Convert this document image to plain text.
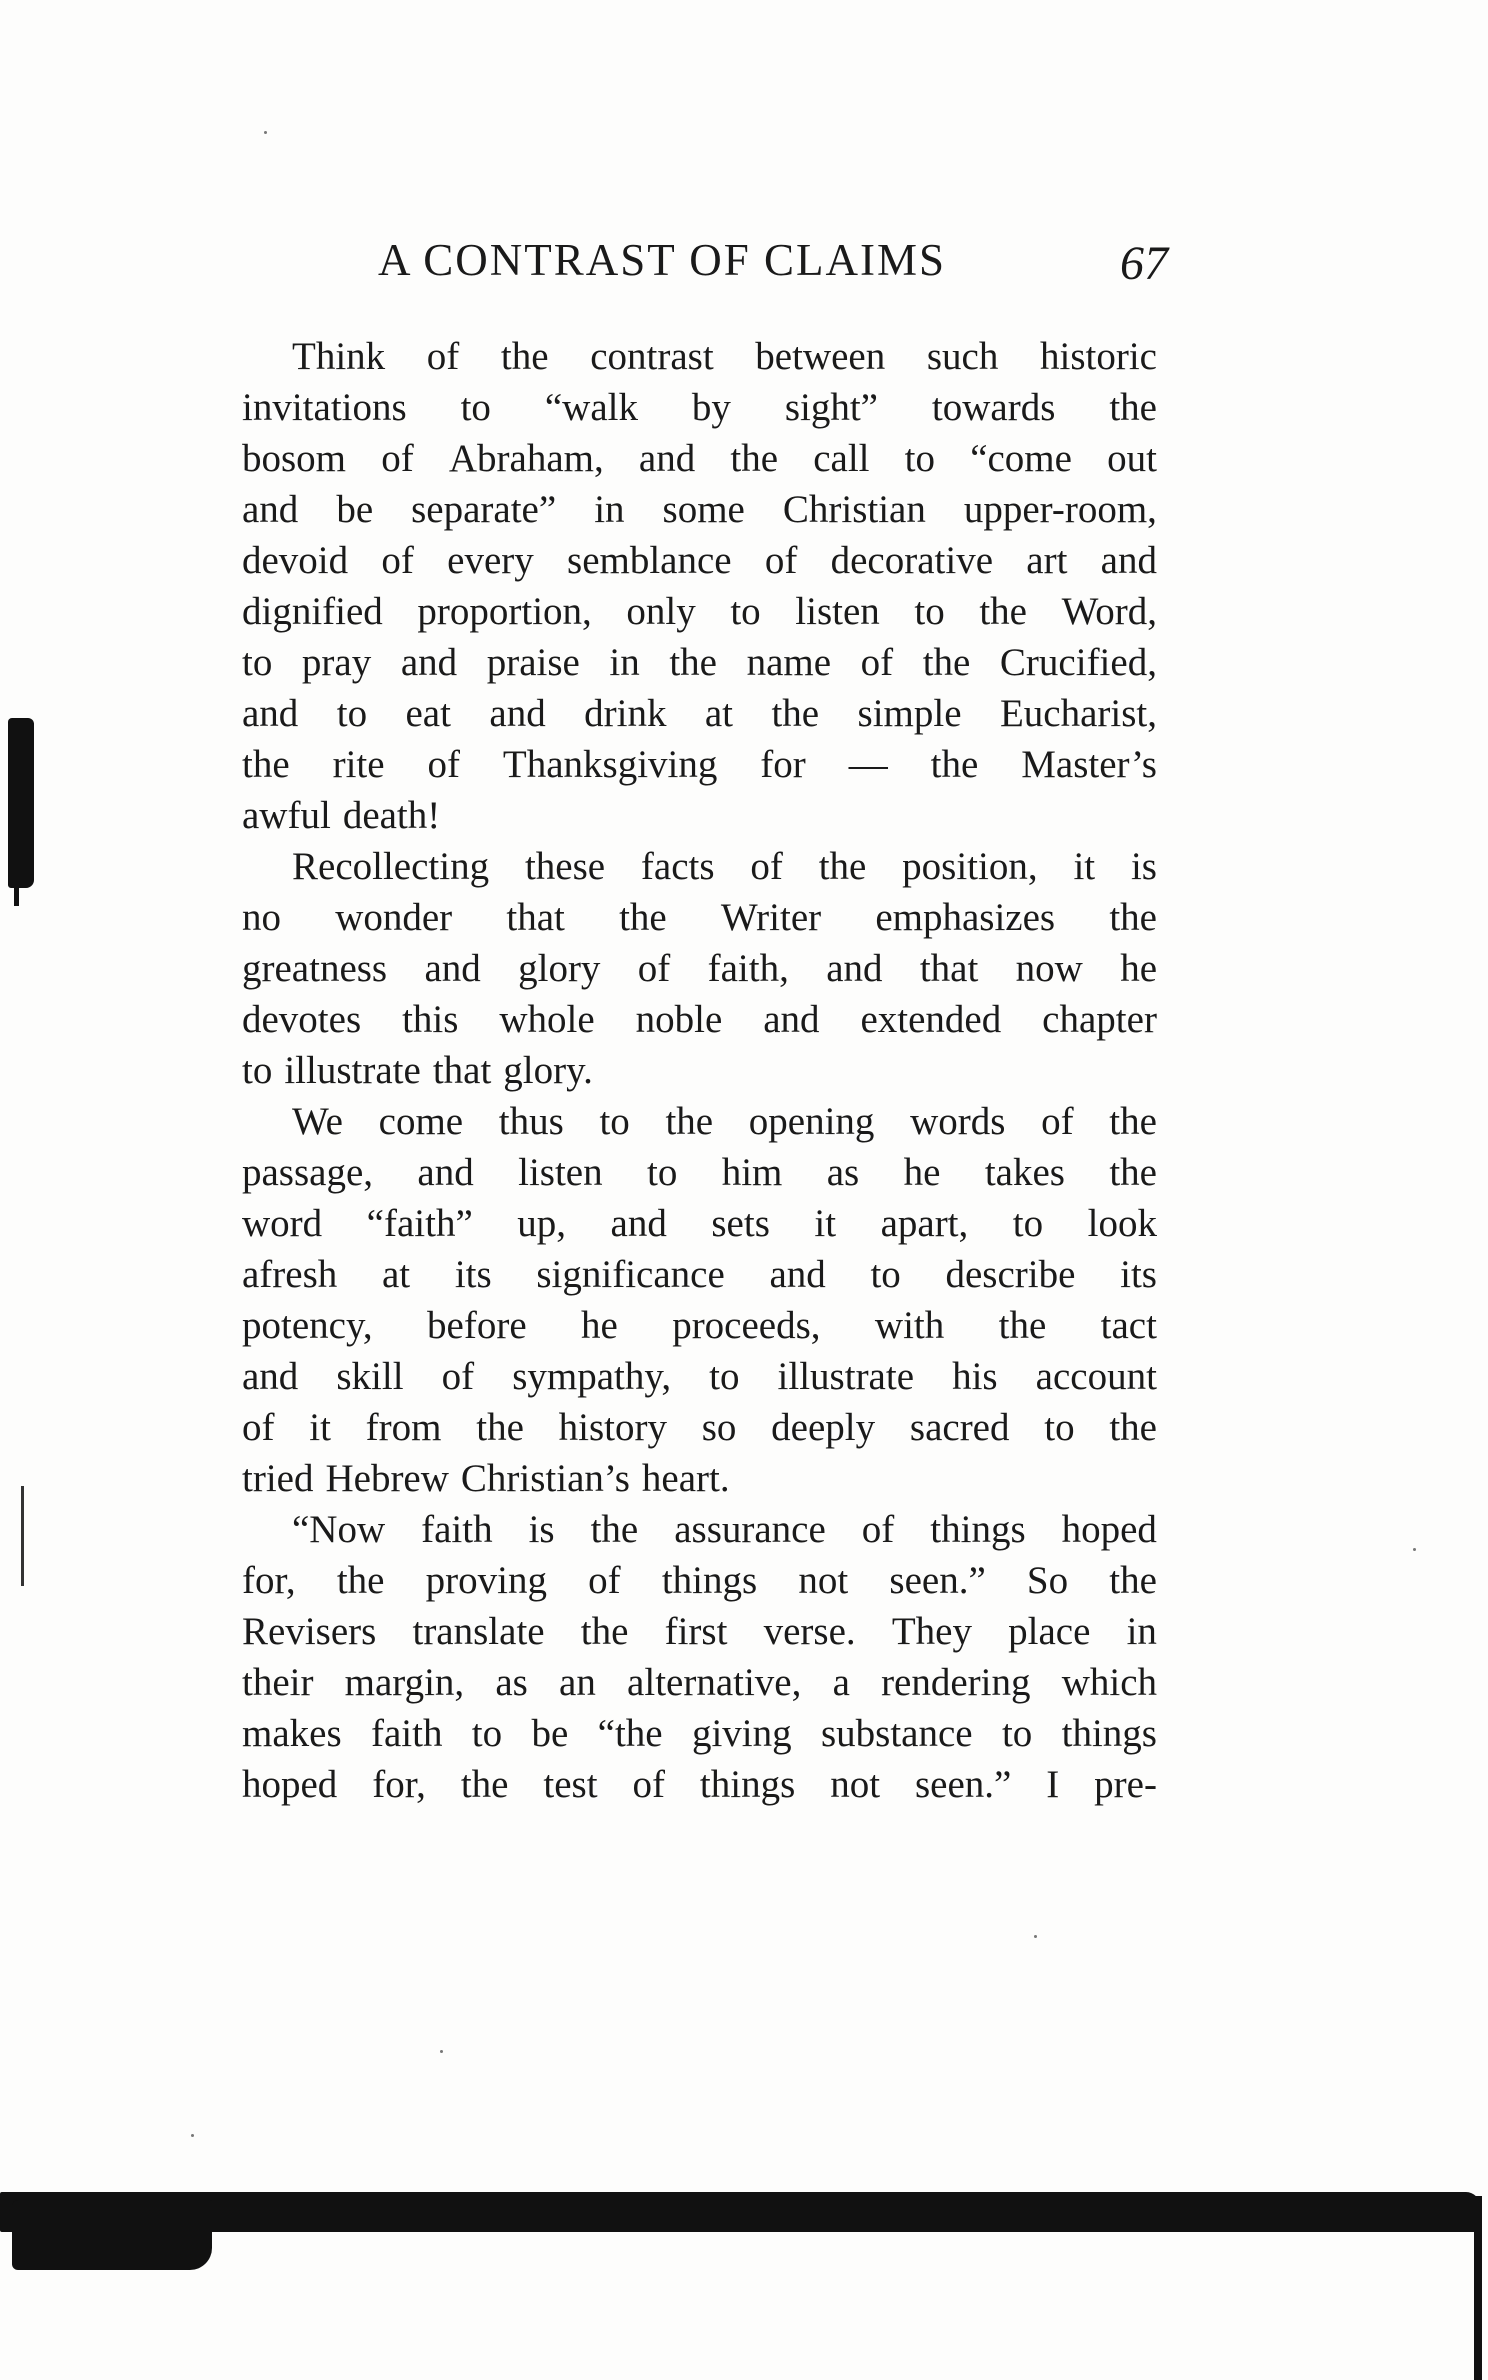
A CONTRAST OF CLAIMS	67
Think of the contrast between such historic
invitations to “walk by sight” towards the
bosom of Abraham, and the call to “come out
and be separate” in some Christian upper-room,
devoid of every semblance of decorative art and
dignified proportion, only to listen to the Word,
to pray and praise in the name of the Crucified,
and to eat and drink at the simple Eucharist,
the rite of Thanksgiving for — the Master’s
awful death!
Recollecting these facts of the position, it is
no wonder that the Writer emphasizes the
greatness and glory of faith, and that now he
devotes this whole noble and extended chapter
to illustrate that glory.
We come thus to the opening words of the
passage, and listen to him as he takes the
word “faith” up, and sets it apart, to look
afresh at its significance and to describe its
potency, before he proceeds, with the tact
and skill of sympathy, to illustrate his account
of it from the history so deeply sacred to the
tried Hebrew Christian’s heart.
“Now faith is the assurance of things hoped
for, the proving of things not seen.” So the
Revisers translate the first verse. They place in
their margin, as an alternative, a rendering which
makes faith to be “the giving substance to things
hoped for, the test of things not seen.” I pre-
